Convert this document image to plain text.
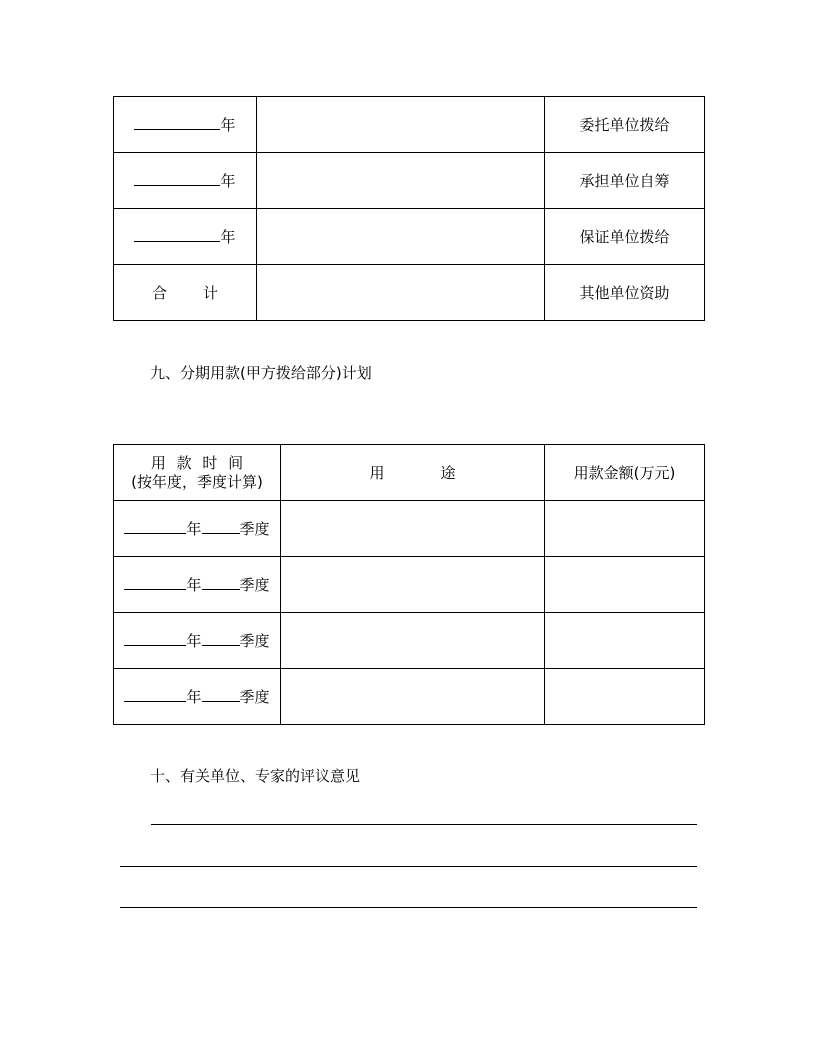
年		委托单位拨给
年		承担单位自筹
年		保证单位拨给
合 计		其他单位资助
九、分期用款(甲方拨给部分)计划
用 款 时 间
(按年度，季度计算)	用 途	用款金额(万元)
年 季度		
年 季度		
年 季度		
年 季度		
十、有关单位、专家的评议意见
